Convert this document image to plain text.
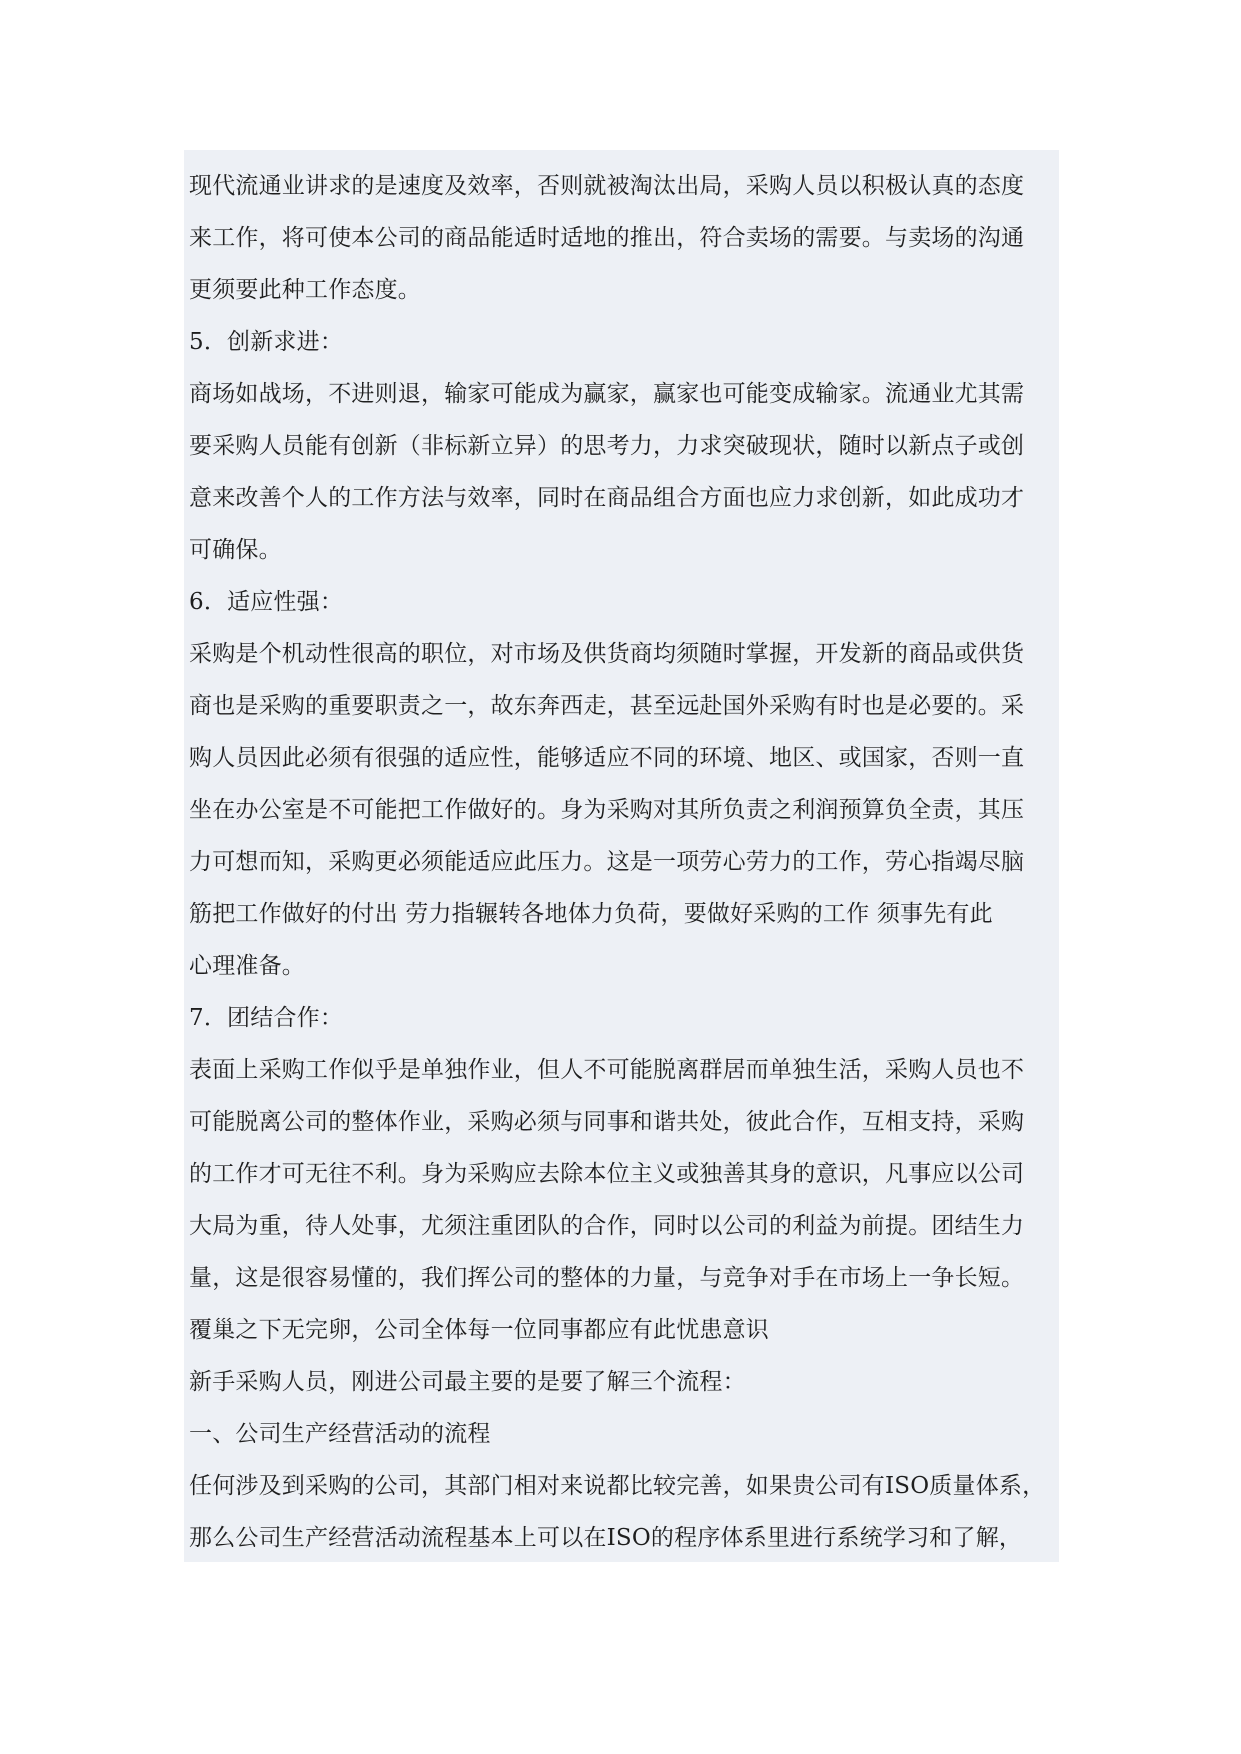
现代流通业讲求的是速度及效率，否则就被淘汰出局，采购人员以积极认真的态度
来工作，将可使本公司的商品能适时适地的推出，符合卖场的需要。与卖场的沟通
更须要此种工作态度。
5．创新求进：
商场如战场，不进则退，输家可能成为赢家，赢家也可能变成输家。流通业尤其需
要采购人员能有创新（非标新立异）的思考力，力求突破现状，随时以新点子或创
意来改善个人的工作方法与效率，同时在商品组合方面也应力求创新，如此成功才
可确保。
6．适应性强：
采购是个机动性很高的职位，对市场及供货商均须随时掌握，开发新的商品或供货
商也是采购的重要职责之一，故东奔西走，甚至远赴国外采购有时也是必要的。采
购人员因此必须有很强的适应性，能够适应不同的环境、地区、或国家，否则一直
坐在办公室是不可能把工作做好的。身为采购对其所负责之利润预算负全责，其压
力可想而知，采购更必须能适应此压力。这是一项劳心劳力的工作，劳心指竭尽脑
筋把工作做好的付出 劳力指辗转各地体力负荷，要做好采购的工作 须事先有此
心理准备。
7．团结合作：
表面上采购工作似乎是单独作业，但人不可能脱离群居而单独生活，采购人员也不
可能脱离公司的整体作业，采购必须与同事和谐共处，彼此合作，互相支持，采购
的工作才可无往不利。身为采购应去除本位主义或独善其身的意识，凡事应以公司
大局为重，待人处事，尤须注重团队的合作，同时以公司的利益为前提。团结生力
量，这是很容易懂的，我们挥公司的整体的力量，与竞争对手在市场上一争长短。
覆巢之下无完卵，公司全体每一位同事都应有此忧患意识
新手采购人员，刚进公司最主要的是要了解三个流程：
一、公司生产经营活动的流程
任何涉及到采购的公司，其部门相对来说都比较完善，如果贵公司有ISO质量体系，
那么公司生产经营活动流程基本上可以在ISO的程序体系里进行系统学习和了解，
